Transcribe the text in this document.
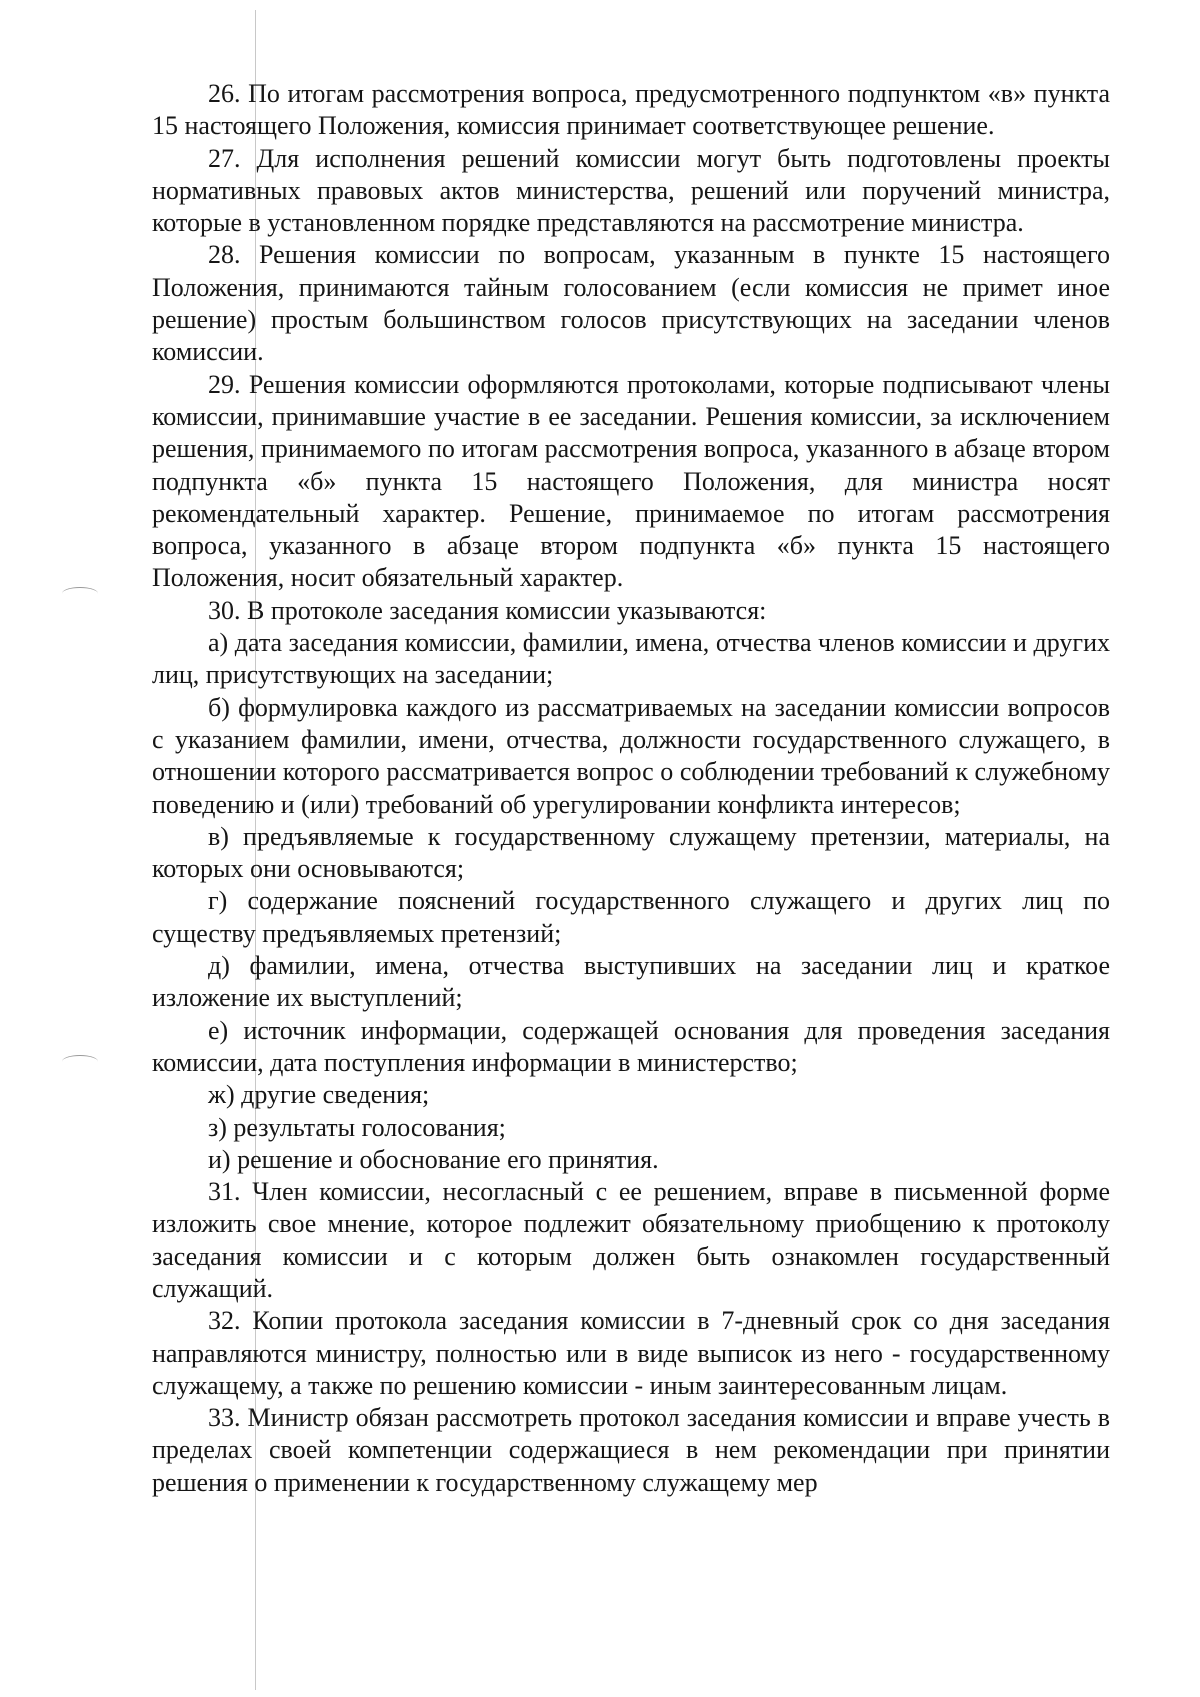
26. По итогам рассмотрения вопроса, предусмотренного подпунктом «в» пункта 15 настоящего Положения, комиссия принимает соответствующее решение.

27. Для исполнения решений комиссии могут быть подготовлены проекты нормативных правовых актов министерства, решений или поручений министра, которые в установленном порядке представляются на рассмотрение министра.

28. Решения комиссии по вопросам, указанным в пункте 15 настоящего Положения, принимаются тайным голосованием (если комиссия не примет иное решение) простым большинством голосов присутствующих на заседании членов комиссии.

29. Решения комиссии оформляются протоколами, которые подписывают члены комиссии, принимавшие участие в ее заседании. Решения комиссии, за исключением решения, принимаемого по итогам рассмотрения вопроса, указанного в абзаце втором подпункта «б» пункта 15 настоящего Положения, для министра носят рекомендательный характер. Решение, принимаемое по итогам рассмотрения вопроса, указанного в абзаце втором подпункта «б» пункта 15 настоящего Положения, носит обязательный характер.

30. В протоколе заседания комиссии указываются:

а) дата заседания комиссии, фамилии, имена, отчества членов комиссии и других лиц, присутствующих на заседании;

б) формулировка каждого из рассматриваемых на заседании комиссии вопросов с указанием фамилии, имени, отчества, должности государственного служащего, в отношении которого рассматривается вопрос о соблюдении требований к служебному поведению и (или) требований об урегулировании конфликта интересов;

в) предъявляемые к государственному служащему претензии, материалы, на которых они основываются;

г) содержание пояснений государственного служащего и других лиц по существу предъявляемых претензий;

д) фамилии, имена, отчества выступивших на заседании лиц и краткое изложение их выступлений;

е) источник информации, содержащей основания для проведения заседания комиссии, дата поступления информации в министерство;

ж) другие сведения;

з) результаты голосования;

и) решение и обоснование его принятия.

31. Член комиссии, несогласный с ее решением, вправе в письменной форме изложить свое мнение, которое подлежит обязательному приобщению к протоколу заседания комиссии и с которым должен быть ознакомлен государственный служащий.

32. Копии протокола заседания комиссии в 7-дневный срок со дня заседания направляются министру, полностью или в виде выписок из него - государственному служащему, а также по решению комиссии - иным заинтересованным лицам.

33. Министр обязан рассмотреть протокол заседания комиссии и вправе учесть в пределах своей компетенции содержащиеся в нем рекомендации при принятии решения о применении к государственному служащему мер
